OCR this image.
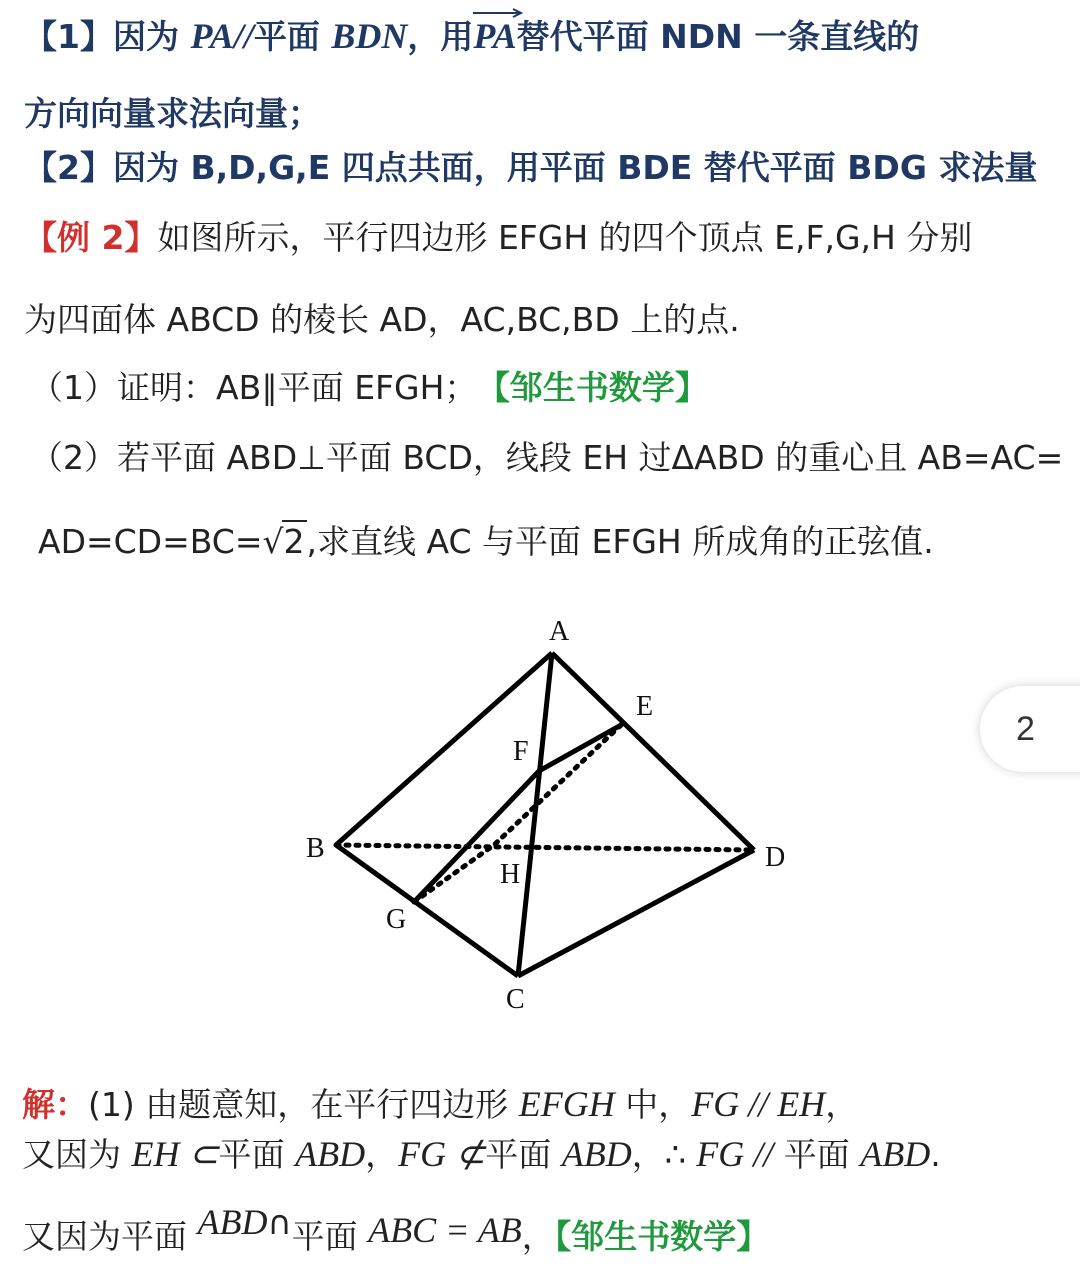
【1】因为 PA//平面 BDN，用
PA替代平面 NDN 一条直线的
方向向量求法向量；
【2】因为 B,D,G,E 四点共面，用平面 BDE 替代平面 BDG 求法量
【例 2】如图所示，平行四边形 EFGH 的四个顶点 E,F,G,H 分别
为四面体 ABCD 的棱长 AD，AC,BC,BD 上的点.
（1）证明：AB∥平面 EFGH； 【邹生书数学】
（2）若平面 ABD⊥平面 BCD，线段 EH 过ΔABD 的重心且 AB=AC=
AD=CD=BC=√2,求直线 AC 与平面 EFGH 所成角的正弦值.
A
B
C
D
E
F
G
H
2
解：(1) 由题意知，在平行四边形 EFGH 中，FG // EH，
又因为 EH ⊂平面 ABD，FG ⊄平面 ABD，∴ FG // 平面 ABD.
又因为平面 ABD∩平面 ABC = AB，【邹生书数学】
